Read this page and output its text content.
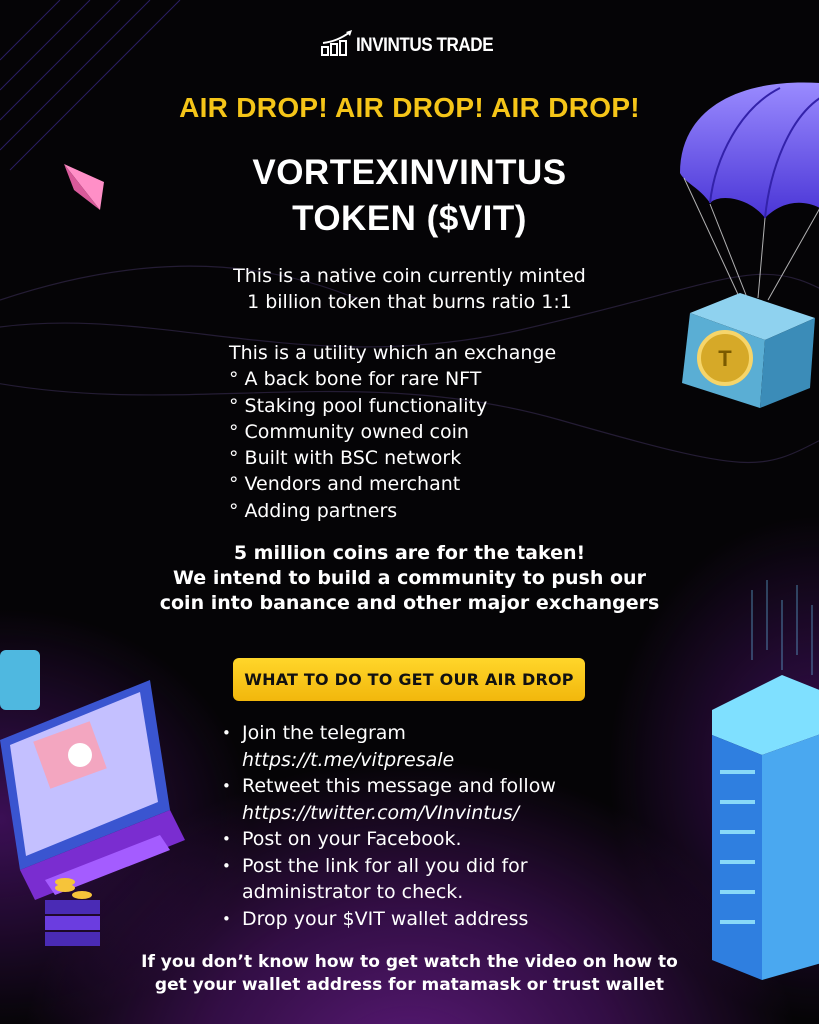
T
INVINTUS TRADE
AIR DROP! AIR DROP! AIR DROP!
VORTEXINVINTUS
TOKEN ($VIT)
This is a native coin currently minted
1 billion token that burns ratio 1:1
This is a utility which an exchange
° A back bone for rare NFT
° Staking pool functionality
° Community owned coin
° Built with BSC network
° Vendors and merchant
° Adding partners
5 million coins are for the taken!
We intend to build a community to push our
coin into banance and other major exchangers
WHAT TO DO TO GET OUR AIR DROP
• Join the telegram
https://t.me/vitpresale
• Retweet this message and follow
https://twitter.com/VInvintus/
• Post on your Facebook.
• Post the link for all you did for
administrator to check.
• Drop your $VIT wallet address
If you don’t know how to get watch the video on how to
get your wallet address for matamask or trust wallet
